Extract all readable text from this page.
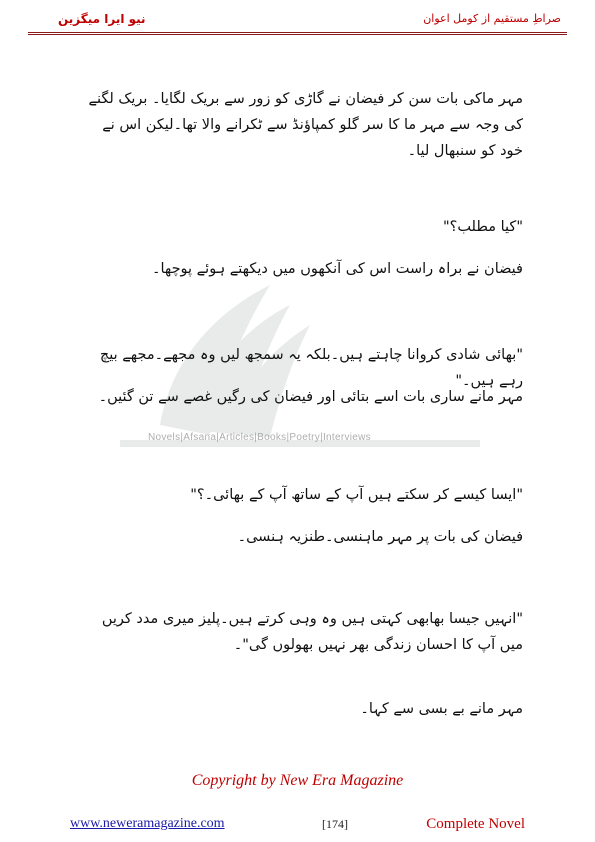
نیو ایرا میگزین	صراطِ مستقیم از کومل اعوان
Novels|Afsana|Articles|Books|Poetry|Interviews
مہر ماکی بات سن کر فیضان نے گاڑی کو زور سے بریک لگایا۔ بریک لگنے کی وجہ سے مہر ما کا سر گلو کمپاؤنڈ سے ٹکرانے والا تھا۔لیکن اس نے خود کو سنبھال لیا۔
"کیا مطلب؟"
فیضان نے براہ راست اس کی آنکھوں میں دیکھتے ہوئے پوچھا۔
"بھائی شادی کروانا چاہتے ہیں۔بلکہ یہ سمجھ لیں وہ مجھے۔مجھے بیچ رہے ہیں۔"
مہر مانے ساری بات اسے بتائی اور فیضان کی رگیں غصے سے تن گئیں۔
"ایسا کیسے کر سکتے ہیں آپ کے ساتھ آپ کے بھائی۔؟"
فیضان کی بات پر مہر ماہنسی۔طنزیہ ہنسی۔
"انہیں جیسا بھابھی کہتی ہیں وہ وہی کرتے ہیں۔پلیز میری مدد کریں میں آپ کا احسان زندگی بھر نہیں بھولوں گی"۔
مہر مانے بے بسی سے کہا۔
Copyright by New Era Magazine
www.neweramagazine.com	[174]	Complete Novel
